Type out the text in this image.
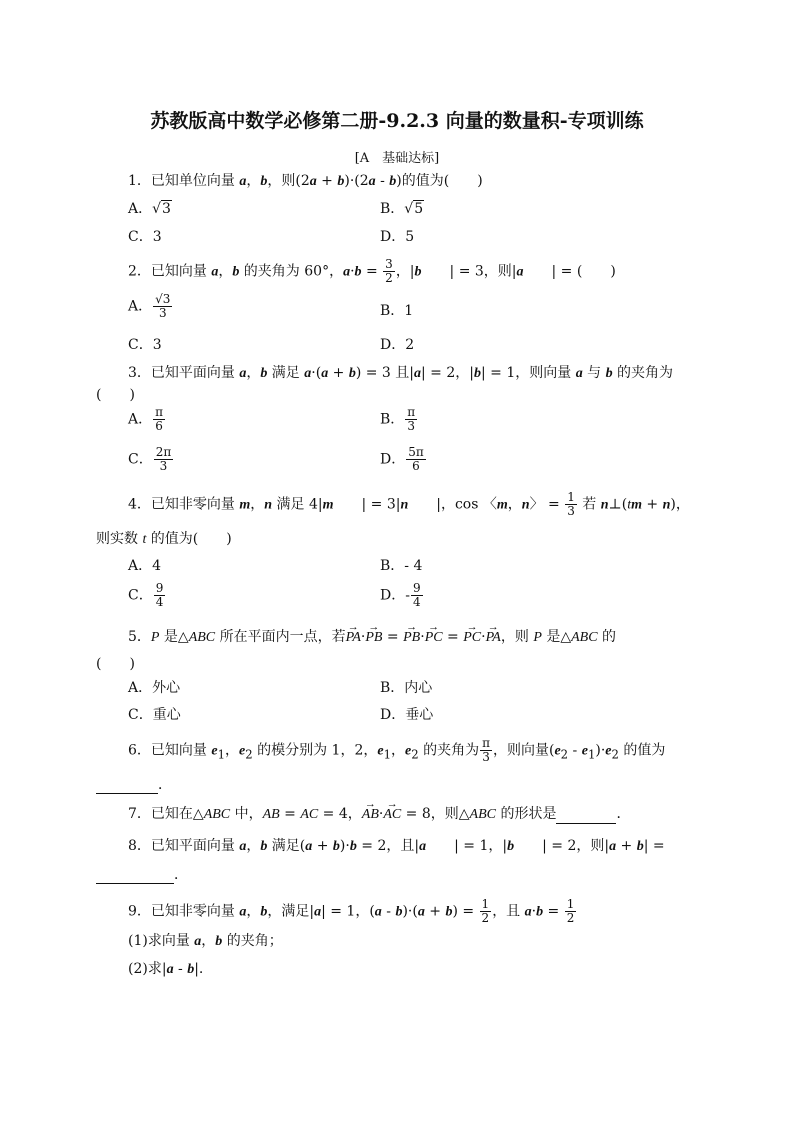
苏教版高中数学必修第二册-9.2.3 向量的数量积-专项训练
[A　基础达标]
1．已知单位向量 a，b，则(2a + b)·(2a - b)的值为(　　)
A．√3	B．√5
C．3	D．5
2．已知向量 a，b 的夹角为 60°，$a\cdot b = \frac{3}{2}$ ，|b　　| = 3，则|a　　| = (　　)
A． $\frac{√3}{3}$	B．1
C．3	D．2
3．已知平面向量 a，b 满足 a·(a + b) = 3 且|a| = 2，|b| = 1，则向量 a 与 b 的夹角为
(　　)
A． $\frac{\pi}{6}$	B． $\frac{\pi}{3}$
C． $\frac{2\pi}{3}$	D． $\frac{5\pi}{6}$
4．已知非零向量 m，n 满足 4|m　　| = 3|n　　|，cos 〈m，n〉 = $\frac{1}{3}$ 若 n⊥(tm + n)，
则实数 t 的值为(　　)
A．4	B．- 4
C． $\frac{9}{4}$	D．- $\frac{9}{4}$
5．P 是△ABC 所在平面内一点，若→ PA·→ PB = → PB·→ PC = → PC·→ PA，则 P 是△ABC 的
(　　)
A．外心	B．内心
C．重心	D．垂心
6．已知向量 $e_1$，$e_2$ 的模分别为 1，2，$e_1$，$e_2$ 的夹角为 $\frac{\pi}{3}$ ，则向量$(e_2 - e_1)\cdot e_2$ 的值为
．
7．已知在△ABC 中，AB = AC = 4，→ AB·→ AC = 8，则△ABC 的形状是	．
8．已知平面向量 a，b 满足(a + b)·b = 2，且|a　　| = 1，|b　　| = 2，则|a + b| =
．
9．已知非零向量 a，b，满足|a| = 1，$(a - b)\cdot(a + b) = \frac{1}{2}$ ，且 $a\cdot b = \frac{1}{2}$
(1)求向量 a，b 的夹角；
(2)求|a - b|.
